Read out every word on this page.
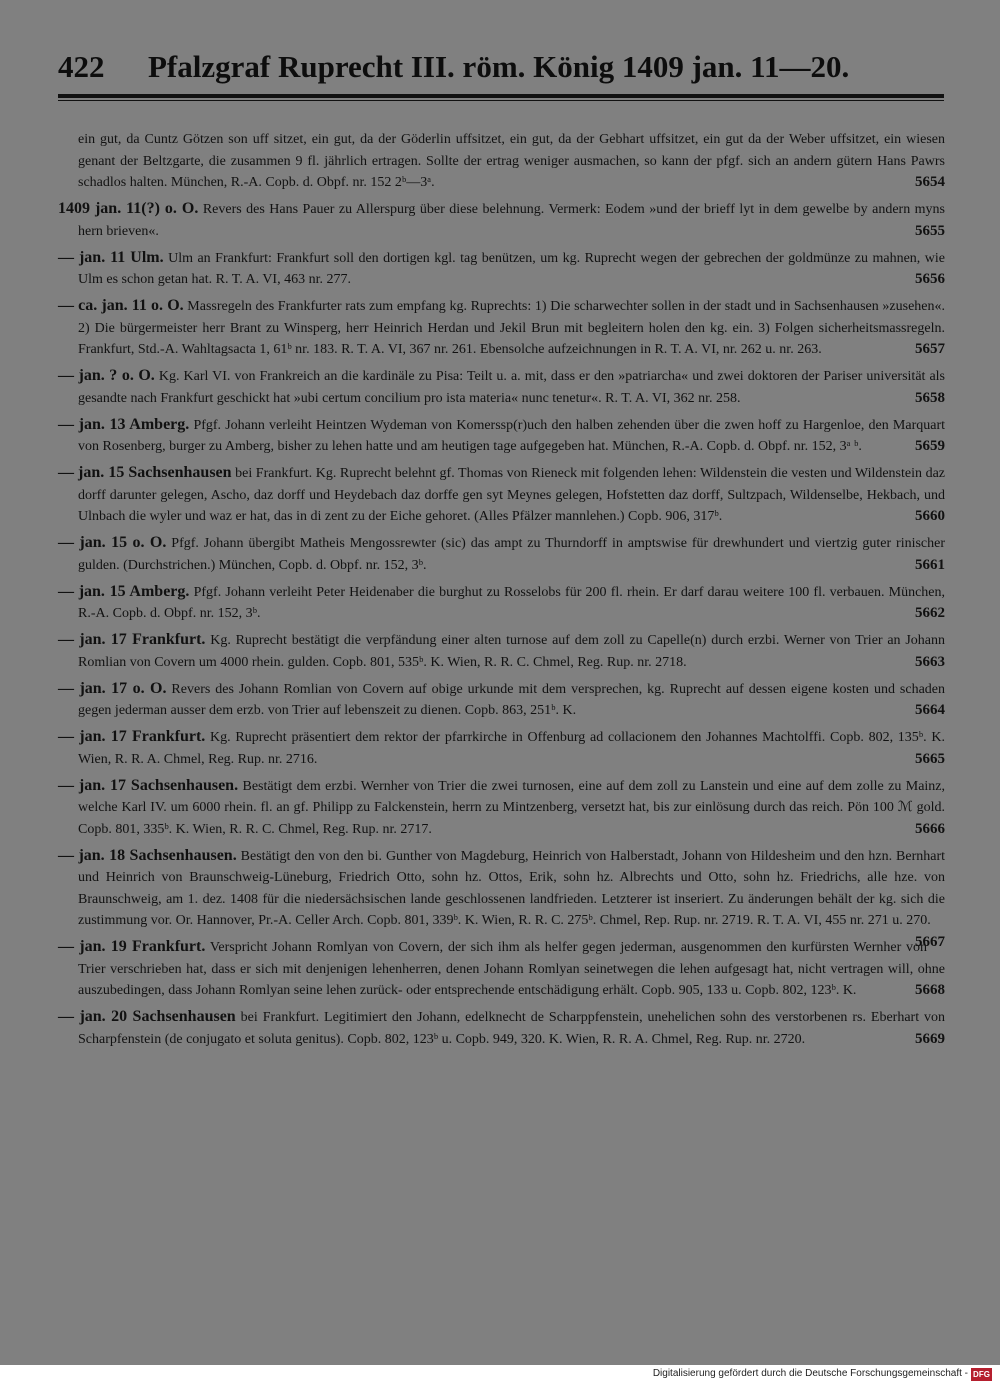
422 Pfalzgraf Ruprecht III. röm. König 1409 jan. 11—20.

ein gut, da Cuntz Götzen son uff sitzet, ein gut, da der Göderlin uffsitzet, ein gut, da der Gebhart uffsitzet, ein gut da der Weber uffsitzet, ein wiesen genant der Beltzgarte, die zusammen 9 fl. jährlich ertragen. Sollte der ertrag weniger ausmachen, so kann der pfgf. sich an andern gütern Hans Pawrs schadlos halten. München, R.-A. Copb. d. Obpf. nr. 152 2ᵇ—3ᵃ.	5654

1409 jan. 11(?) o. O. Revers des Hans Pauer zu Allerspurg über diese belehnung. Vermerk: Eodem »und der brieff lyt in dem gewelbe by andern myns hern brieven«.	5655

— jan. 11 Ulm. Ulm an Frankfurt: Frankfurt soll den dortigen kgl. tag benützen, um kg. Ruprecht wegen der gebrechen der goldmünze zu mahnen, wie Ulm es schon getan hat. R. T. A. VI, 463 nr. 277.	5656

— ca. jan. 11 o. O. Massregeln des Frankfurter rats zum empfang kg. Ruprechts: 1) Die scharwechter sollen in der stadt und in Sachsenhausen »zusehen«. 2) Die bürgermeister herr Brant zu Winsperg, herr Heinrich Herdan und Jekil Brun mit begleitern holen den kg. ein. 3) Folgen sicherheitsmassregeln. Frankfurt, Std.-A. Wahltagsacta 1, 61ᵇ nr. 183. R. T. A. VI, 367 nr. 261. Ebensolche aufzeichnungen in R. T. A. VI, nr. 262 u. nr. 263.	5657

— jan. ? o. O. Kg. Karl VI. von Frankreich an die kardinäle zu Pisa: Teilt u. a. mit, dass er den »patriarcha« und zwei doktoren der Pariser universität als gesandte nach Frankfurt geschickt hat »ubi certum concilium pro ista materia« nunc tenetur«. R. T. A. VI, 362 nr. 258.	5658

— jan. 13 Amberg. Pfgf. Johann verleiht Heintzen Wydeman von Komerssp(r)uch den halben zehenden über die zwen hoff zu Hargenloe, den Marquart von Rosenberg, burger zu Amberg, bisher zu lehen hatte und am heutigen tage aufgegeben hat. München, R.-A. Copb. d. Obpf. nr. 152, 3ᵃ ᵇ.	5659

— jan. 15 Sachsenhausen bei Frankfurt. Kg. Ruprecht belehnt gf. Thomas von Rieneck mit folgenden lehen: Wildenstein die vesten und Wildenstein daz dorff darunter gelegen, Ascho, daz dorff und Heydebach daz dorffe gen syt Meynes gelegen, Hofstetten daz dorff, Sultzpach, Wildenselbe, Hekbach, und Ulnbach die wyler und waz er hat, das in di zent zu der Eiche gehoret. (Alles Pfälzer mannlehen.) Copb. 906, 317ᵇ.	5660

— jan. 15 o. O. Pfgf. Johann übergibt Matheis Mengossrewter (sic) das ampt zu Thurndorff in amptswise für drewhundert und viertzig guter rinischer gulden. (Durchstrichen.) München, Copb. d. Obpf. nr. 152, 3ᵇ.	5661

— jan. 15 Amberg. Pfgf. Johann verleiht Peter Heidenaber die burghut zu Rosselobs für 200 fl. rhein. Er darf darau weitere 100 fl. verbauen. München, R.-A. Copb. d. Obpf. nr. 152, 3ᵇ.	5662

— jan. 17 Frankfurt. Kg. Ruprecht bestätigt die verpfändung einer alten turnose auf dem zoll zu Capelle(n) durch erzbi. Werner von Trier an Johann Romlian von Covern um 4000 rhein. gulden. Copb. 801, 535ᵇ. K. Wien, R. R. C. Chmel, Reg. Rup. nr. 2718.	5663

— jan. 17 o. O. Revers des Johann Romlian von Covern auf obige urkunde mit dem versprechen, kg. Ruprecht auf dessen eigene kosten und schaden gegen jederman ausser dem erzb. von Trier auf lebenszeit zu dienen. Copb. 863, 251ᵇ. K.	5664

— jan. 17 Frankfurt. Kg. Ruprecht präsentiert dem rektor der pfarrkirche in Offenburg ad collacionem den Johannes Machtolffi. Copb. 802, 135ᵇ. K. Wien, R. R. A. Chmel, Reg. Rup. nr. 2716.	5665

— jan. 17 Sachsenhausen. Bestätigt dem erzbi. Wernher von Trier die zwei turnosen, eine auf dem zoll zu Lanstein und eine auf dem zolle zu Mainz, welche Karl IV. um 6000 rhein. fl. an gf. Philipp zu Falckenstein, herrn zu Mintzenberg, versetzt hat, bis zur einlösung durch das reich. Pön 100 ℳ gold. Copb. 801, 335ᵇ. K. Wien, R. R. C. Chmel, Reg. Rup. nr. 2717.	5666

— jan. 18 Sachsenhausen. Bestätigt den von den bi. Gunther von Magdeburg, Heinrich von Halberstadt, Johann von Hildesheim und den hzn. Bernhart und Heinrich von Braunschweig-Lüneburg, Friedrich Otto, sohn hz. Ottos, Erik, sohn hz. Albrechts und Otto, sohn hz. Friedrichs, alle hze. von Braunschweig, am 1. dez. 1408 für die niedersächsischen lande geschlossenen landfrieden. Letzterer ist inseriert. Zu änderungen behält der kg. sich die zustimmung vor. Or. Hannover, Pr.-A. Celler Arch. Copb. 801, 339ᵇ. K. Wien, R. R. C. 275ᵇ. Chmel, Rep. Rup. nr. 2719. R. T. A. VI, 455 nr. 271 u. 270.
5667

— jan. 19 Frankfurt. Verspricht Johann Romlyan von Covern, der sich ihm als helfer gegen jederman, ausgenommen den kurfürsten Wernher von Trier verschrieben hat, dass er sich mit denjenigen lehenherren, denen Johann Romlyan seinetwegen die lehen aufgesagt hat, nicht vertragen will, ohne auszubedingen, dass Johann Romlyan seine lehen zurück- oder entsprechende entschädigung erhält. Copb. 905, 133 u. Copb. 802, 123ᵇ. K.	5668

— jan. 20 Sachsenhausen bei Frankfurt. Legitimiert den Johann, edelknecht de Scharppfenstein, unehelichen sohn des verstorbenen rs. Eberhart von Scharpfenstein (de conjugato et soluta genitus). Copb. 802, 123ᵇ u. Copb. 949, 320. K. Wien, R. R. A. Chmel, Reg. Rup. nr. 2720.	5669

Digitalisierung gefördert durch die Deutsche Forschungsgemeinschaft - DFG
